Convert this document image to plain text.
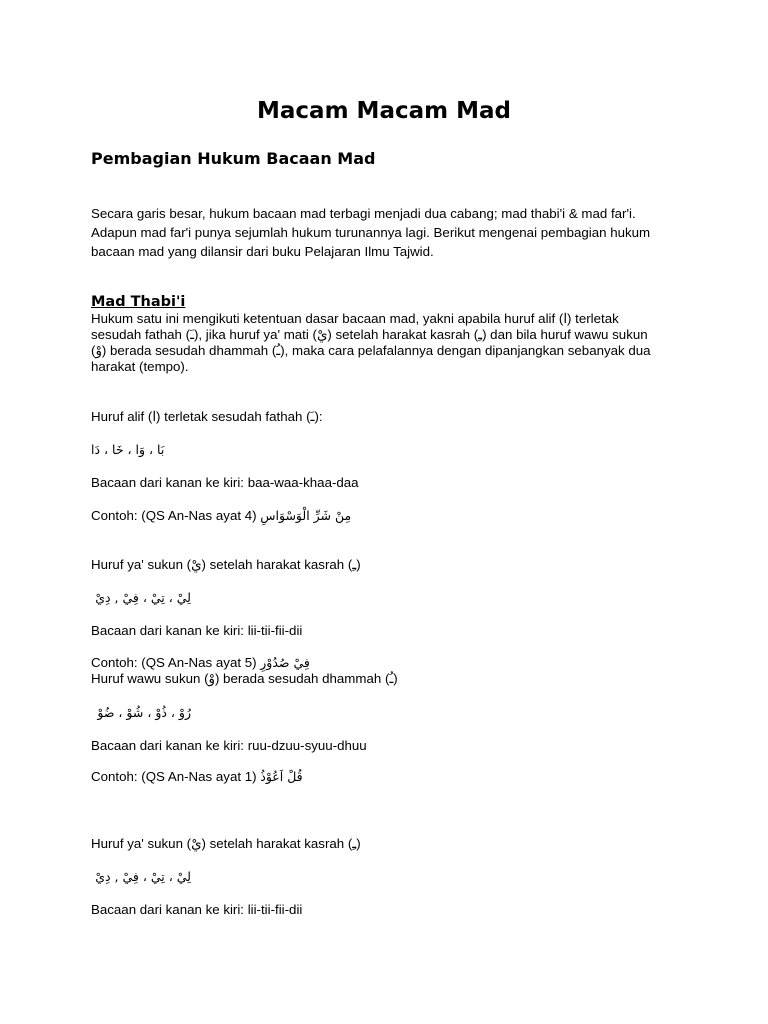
Macam Macam Mad
Pembagian Hukum Bacaan Mad
Secara garis besar, hukum bacaan mad terbagi menjadi dua cabang; mad thabi'i & mad far'i.
Adapun mad far'i punya sejumlah hukum turunannya lagi. Berikut mengenai pembagian hukum
bacaan mad yang dilansir dari buku Pelajaran Ilmu Tajwid.
Mad Thabi'i
Hukum satu ini mengikuti ketentuan dasar bacaan mad, yakni apabila huruf alif (ا) terletak
sesudah fathah (ـَ), jika huruf ya' mati (يْ) setelah harakat kasrah (ـِ) dan bila huruf wawu sukun
(وْ) berada sesudah dhammah (ـُ), maka cara pelafalannya dengan dipanjangkan sebanyak dua
harakat (tempo).
Huruf alif (ا) terletak sesudah fathah (ـَ):
بَا ، وَا ، خَا ، دَا
Bacaan dari kanan ke kiri: baa-waa-khaa-daa
Contoh: (QS An-Nas ayat 4) مِنْ شَرِّ الْوَسْوَاسِ
Huruf ya' sukun (يْ) setelah harakat kasrah (ـِ)
لِيْ ، تِيْ ، فِيْ , دِيْ
Bacaan dari kanan ke kiri: lii-tii-fii-dii
Contoh: (QS An-Nas ayat 5) فِيْ صُدُوْرِ
Huruf wawu sukun (وْ) berada sesudah dhammah (ـُ)
رُوْ ، ذُوْ ، شُوْ ، ضُوْ
Bacaan dari kanan ke kiri: ruu-dzuu-syuu-dhuu
Contoh: (QS An-Nas ayat 1) قُلْ اَعُوْذُ
Huruf ya' sukun (يْ) setelah harakat kasrah (ـِ)
لِيْ ، تِيْ ، فِيْ , دِيْ
Bacaan dari kanan ke kiri: lii-tii-fii-dii
